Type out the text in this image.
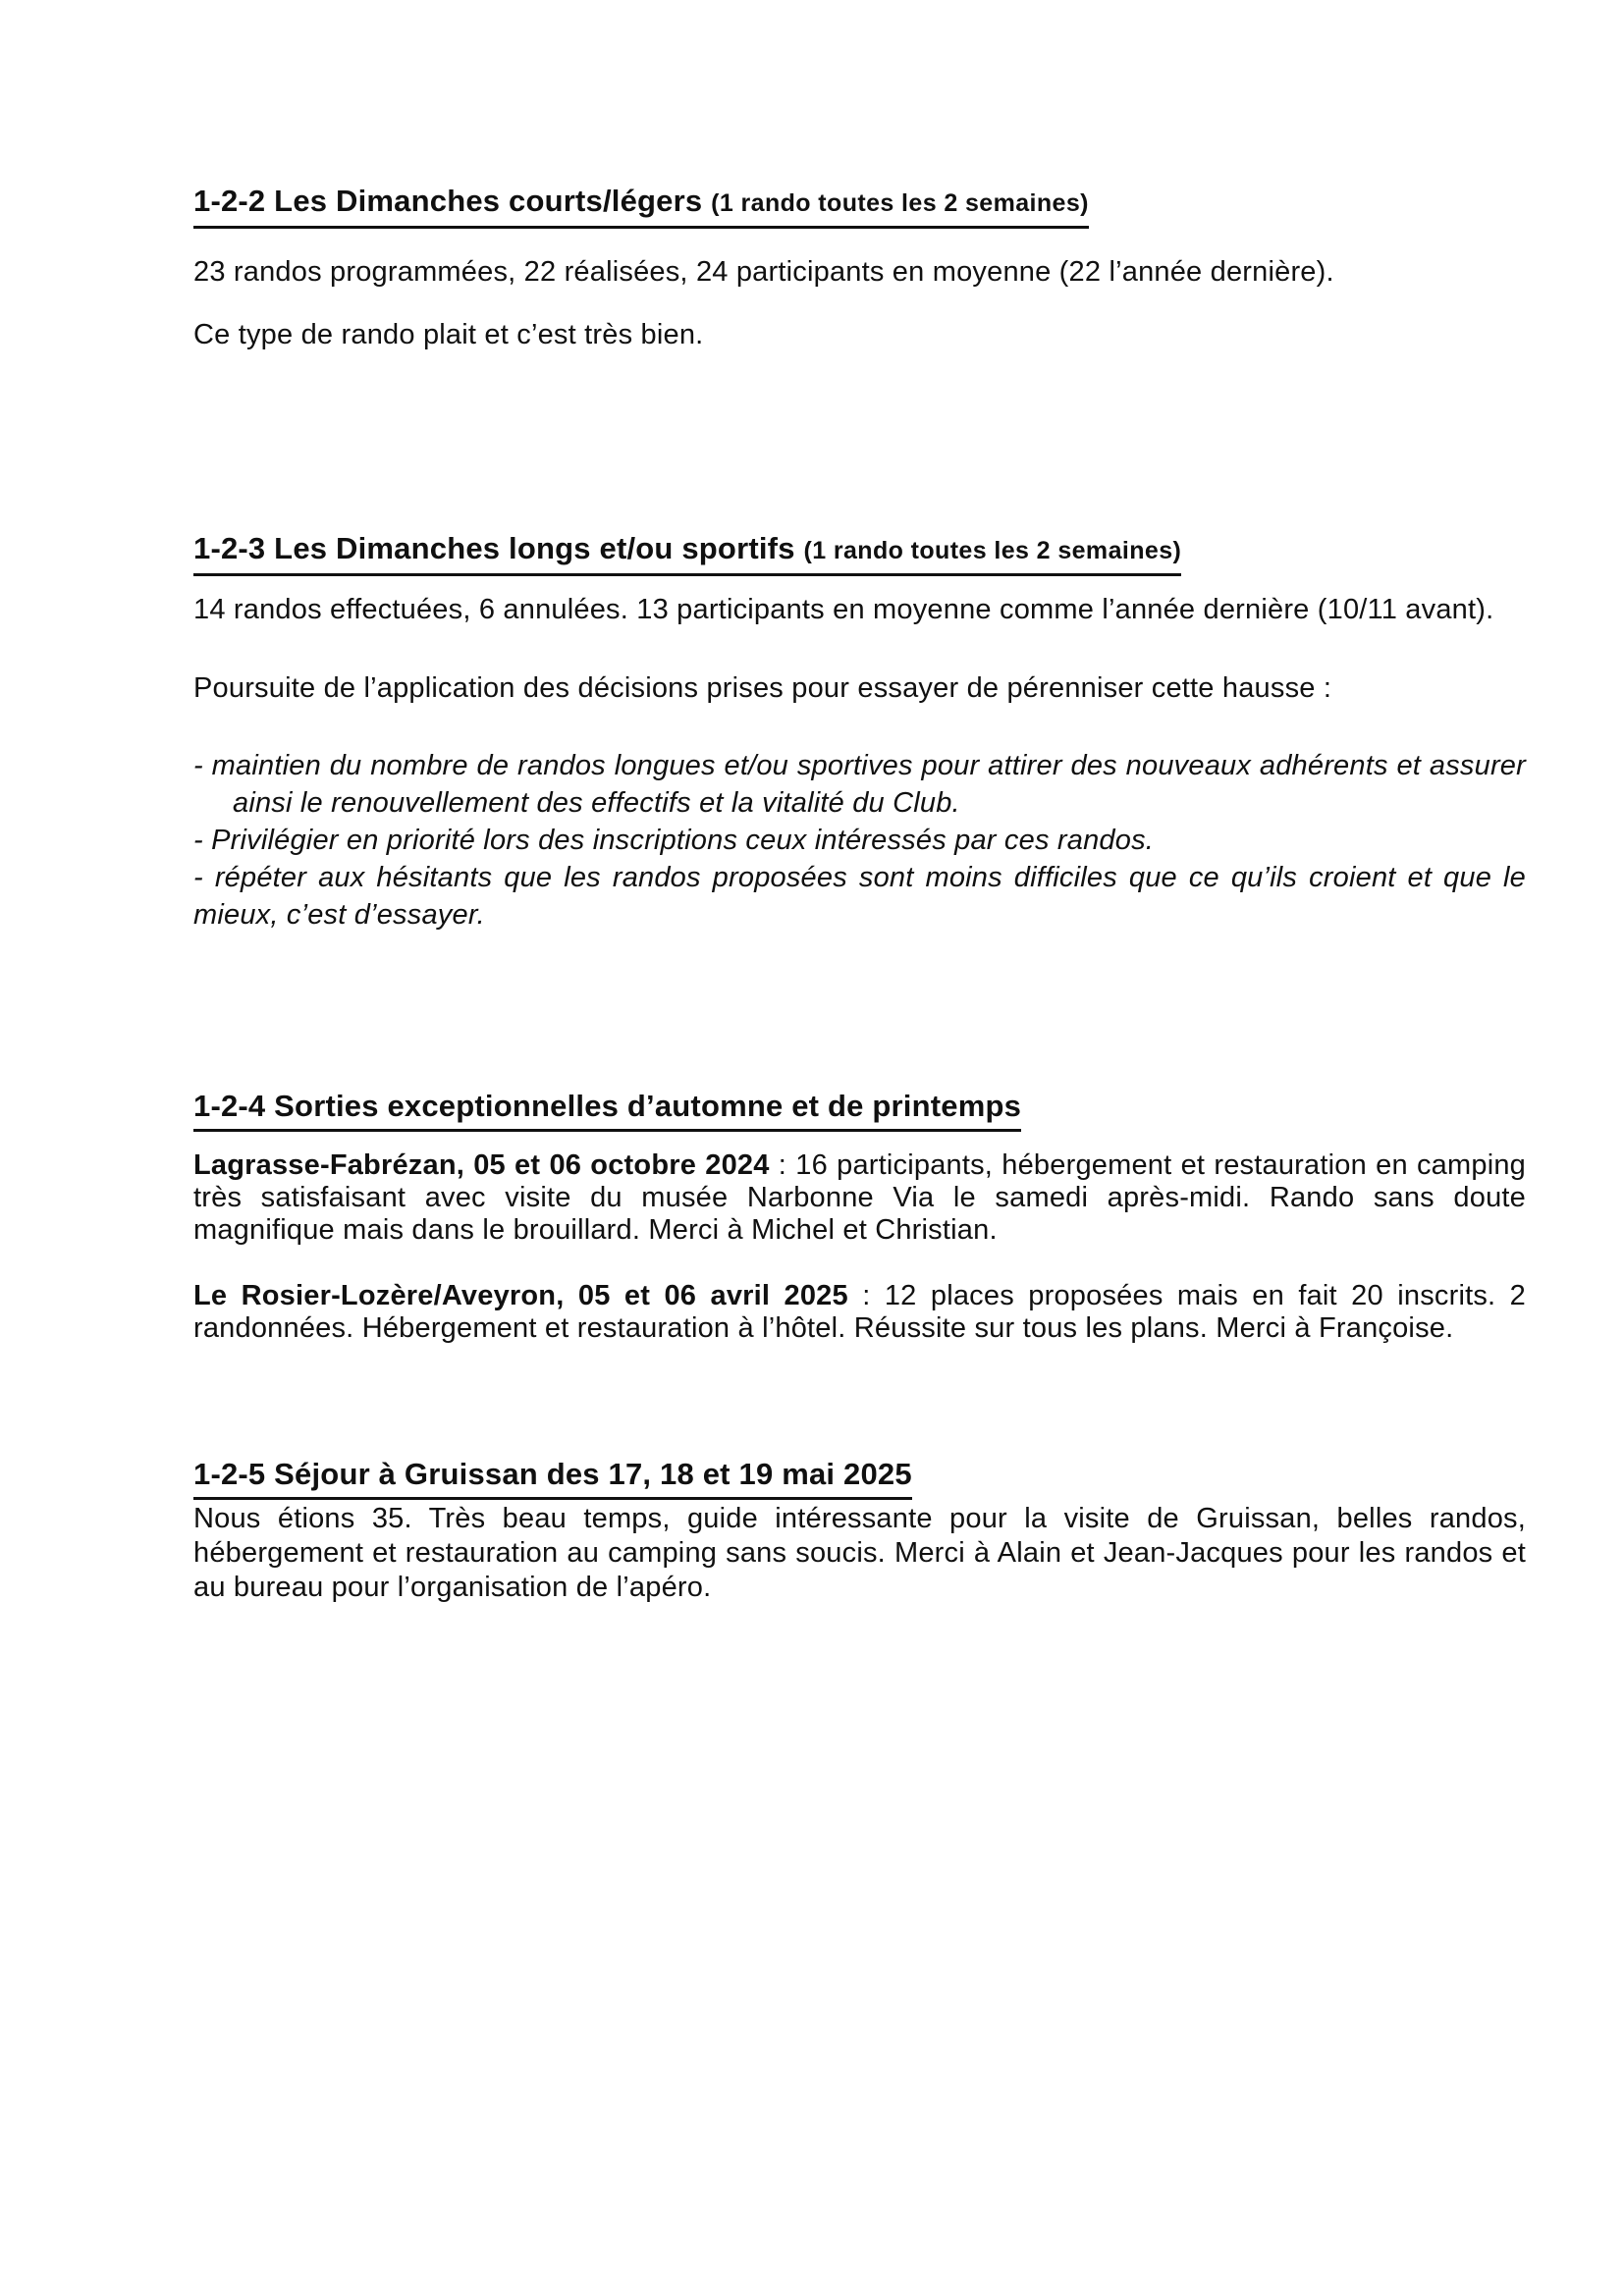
1-2-2 Les Dimanches courts/légers (1 rando toutes les 2 semaines)

23 randos programmées, 22 réalisées, 24 participants en moyenne (22 l’année dernière).

Ce type de rando plait et c’est très bien.

1-2-3 Les Dimanches longs et/ou sportifs (1 rando toutes les 2 semaines)

14 randos effectuées, 6 annulées. 13 participants en moyenne comme l’année dernière (10/11 avant).

Poursuite de l’application des décisions prises pour essayer de pérenniser cette hausse :

- maintien du nombre de randos longues et/ou sportives pour attirer des nouveaux adhérents et assurer ainsi le renouvellement des effectifs et la vitalité du Club.
- Privilégier en priorité lors des inscriptions ceux intéressés par ces randos.
- répéter aux hésitants que les randos proposées sont moins difficiles que ce qu’ils croient et que le mieux, c’est d’essayer.
1-2-4 Sorties exceptionnelles d’automne et de printemps

Lagrasse-Fabrézan, 05 et 06 octobre 2024 : 16 participants, hébergement et restauration en camping très satisfaisant avec visite du musée Narbonne Via le samedi après-midi. Rando sans doute magnifique mais dans le brouillard. Merci à Michel et Christian.

Le Rosier-Lozère/Aveyron, 05 et 06 avril 2025 : 12 places proposées mais en fait 20 inscrits. 2 randonnées. Hébergement et restauration à l’hôtel. Réussite sur tous les plans. Merci à Françoise.

1-2-5 Séjour à Gruissan des 17, 18 et 19 mai 2025

Nous étions 35. Très beau temps, guide intéressante pour la visite de Gruissan, belles randos, hébergement et restauration au camping sans soucis. Merci à Alain et Jean-Jacques pour les randos et au bureau pour l’organisation de l’apéro.
